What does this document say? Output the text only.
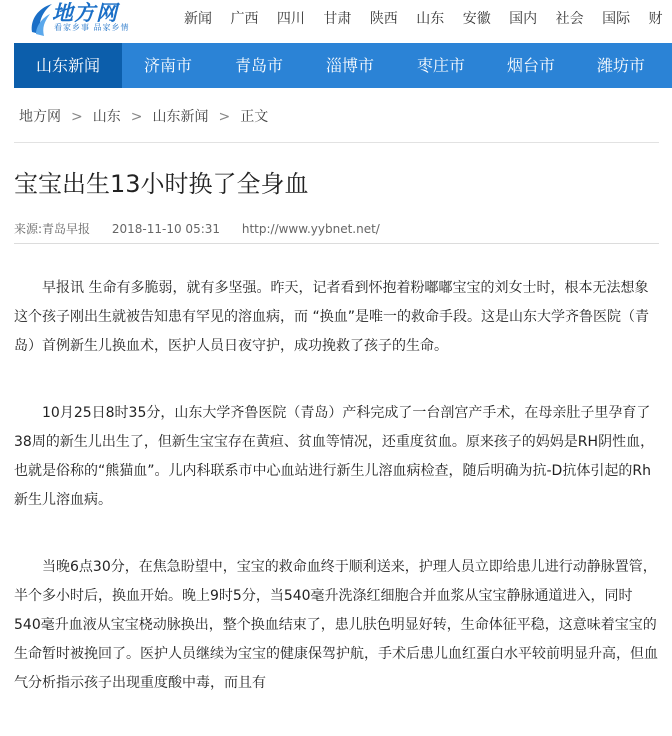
地方网
看家乡事 品家乡情
新闻 广西 四川 甘肃 陕西 山东 安徽 国内 社会 国际 财
山东新闻	济南市	青岛市	淄博市	枣庄市	烟台市	潍坊市
地方网 > 山东 > 山东新闻 > 正文
宝宝出生13小时换了全身血
来源:青岛早报 2018-11-10 05:31 http://www.yybnet.net/

早报讯 生命有多脆弱，就有多坚强。昨天，记者看到怀抱着粉嘟嘟宝宝的刘女士时，根本无法想象这个孩子刚出生就被告知患有罕见的溶血病，而 “换血”是唯一的救命手段。这是山东大学齐鲁医院（青岛）首例新生儿换血术，医护人员日夜守护，成功挽救了孩子的生命。

10月25日8时35分，山东大学齐鲁医院（青岛）产科完成了一台剖宫产手术，在母亲肚子里孕育了38周的新生儿出生了，但新生宝宝存在黄疸、贫血等情况，还重度贫血。原来孩子的妈妈是RH阴性血，也就是俗称的“熊猫血”。儿内科联系市中心血站进行新生儿溶血病检查，随后明确为抗-D抗体引起的Rh新生儿溶血病。

当晚6点30分，在焦急盼望中，宝宝的救命血终于顺利送来，护理人员立即给患儿进行动静脉置管，半个多小时后，换血开始。晚上9时5分，当540毫升洗涤红细胞合并血浆从宝宝静脉通道进入，同时540毫升血液从宝宝桡动脉换出，整个换血结束了，患儿肤色明显好转，生命体征平稳，这意味着宝宝的生命暂时被挽回了。医护人员继续为宝宝的健康保驾护航，手术后患儿血红蛋白水平较前明显升高，但血气分析指示孩子出现重度酸中毒，而且有
